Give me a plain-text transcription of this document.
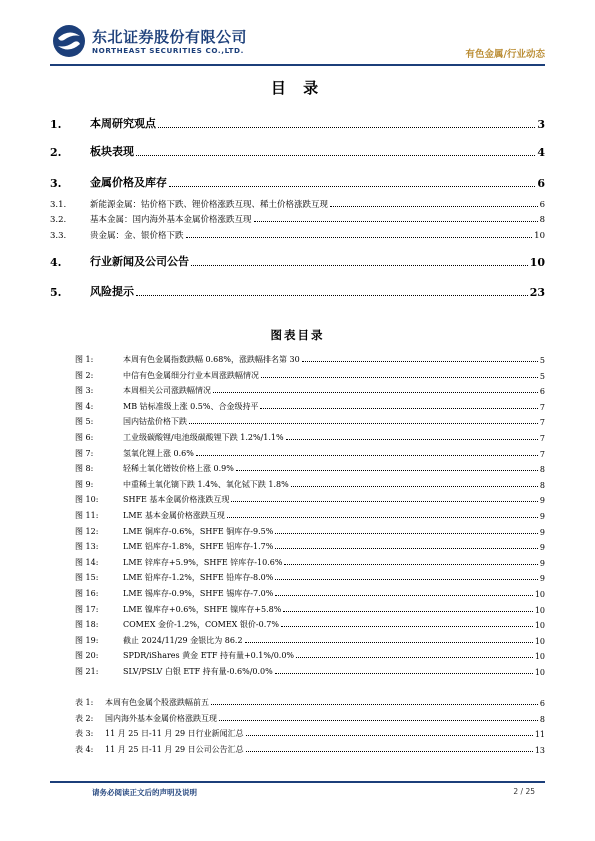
东北证券股份有限公司
NORTHEAST SECURITIES CO.,LTD.	有色金属/行业动态
目 录
1.	本周研究观点	3
2.	板块表现	4
3.	金属价格及库存	6
3.1.	新能源金属：钴价格下跌、锂价格涨跌互现、稀土价格涨跌互现	6
3.2.	基本金属：国内海外基本金属价格涨跌互现	8
3.3.	贵金属：金、银价格下跌	10
4.	行业新闻及公司公告	10
5.	风险提示	23
图表目录
图 1:	本周有色金属指数跌幅 0.68%，涨跌幅排名第 30	5
图 2:	中信有色金属细分行业本周涨跌幅情况	5
图 3:	本周相关公司涨跌幅情况	6
图 4:	MB 钴标准级上涨 0.5%、合金级持平	7
图 5:	国内钴盐价格下跌	7
图 6:	工业级碳酸锂/电池级碳酸锂下跌 1.2%/1.1%	7
图 7:	氢氧化锂上涨 0.6%	7
图 8:	轻稀土氧化镨钕价格上涨 0.9%	8
图 9:	中重稀土氧化镝下跌 1.4%、氧化铽下跌 1.8%	8
图 10:	SHFE 基本金属价格涨跌互现	9
图 11:	LME 基本金属价格涨跌互现	9
图 12:	LME 铜库存-0.6%，SHFE 铜库存-9.5%	9
图 13:	LME 铝库存-1.8%，SHFE 铝库存-1.7%	9
图 14:	LME 锌库存+5.9%，SHFE 锌库存-10.6%	9
图 15:	LME 铅库存-1.2%，SHFE 铅库存-8.0%	9
图 16:	LME 锡库存-0.9%，SHFE 锡库存-7.0%	10
图 17:	LME 镍库存+0.6%，SHFE 镍库存+5.8%	10
图 18:	COMEX 金价-1.2%，COMEX 银价-0.7%	10
图 19:	截止 2024/11/29 金银比为 86.2	10
图 20:	SPDR/iShares 黄金 ETF 持有量+0.1%/0.0%	10
图 21:	SLV/PSLV 白银 ETF 持有量-0.6%/0.0%	10
表 1:	本周有色金属个股涨跌幅前五	6
表 2:	国内海外基本金属价格涨跌互现	8
表 3:	11 月 25 日-11 月 29 日行业新闻汇总	11
表 4:	11 月 25 日-11 月 29 日公司公告汇总	13
请务必阅读正文后的声明及说明	2 / 25
